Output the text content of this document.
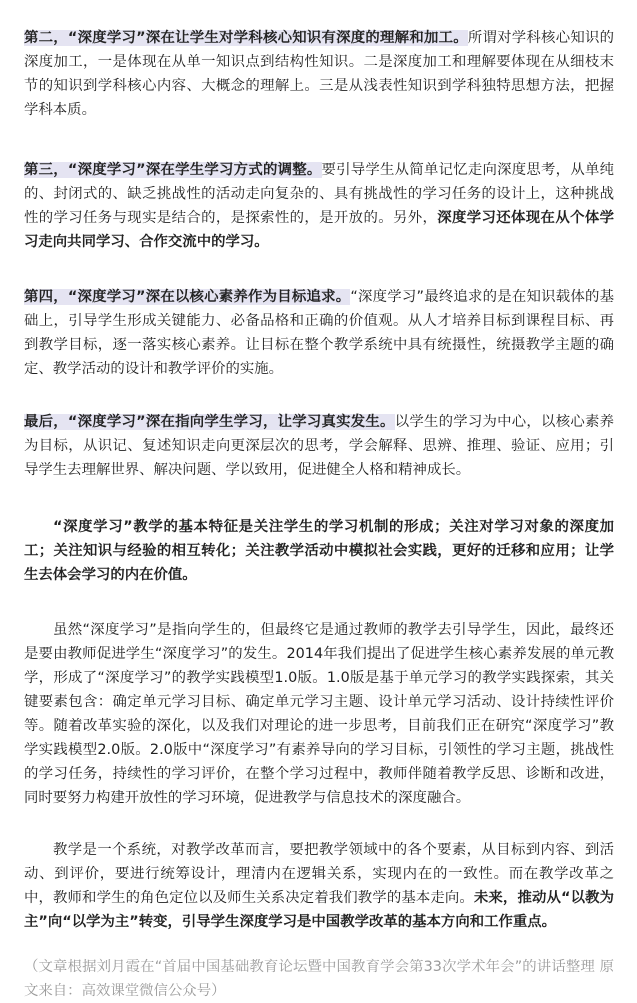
第二，“深度学习”深在让学生对学科核心知识有深度的理解和加工。所谓对学科核心知识的深度加工，一是体现在从单一知识点到结构性知识。二是深度加工和理解要体现在从细枝末节的知识到学科核心内容、大概念的理解上。三是从浅表性知识到学科独特思想方法，把握学科本质。

第三，“深度学习”深在学生学习方式的调整。要引导学生从简单记忆走向深度思考，从单纯的、封闭式的、缺乏挑战性的活动走向复杂的、具有挑战性的学习任务的设计上，这种挑战性的学习任务与现实是结合的，是探索性的，是开放的。另外，深度学习还体现在从个体学习走向共同学习、合作交流中的学习。

第四，“深度学习”深在以核心素养作为目标追求。“深度学习”最终追求的是在知识载体的基础上，引导学生形成关键能力、必备品格和正确的价值观。从人才培养目标到课程目标、再到教学目标，逐一落实核心素养。让目标在整个教学系统中具有统摄性，统摄教学主题的确定、教学活动的设计和教学评价的实施。

最后，“深度学习”深在指向学生学习，让学习真实发生。以学生的学习为中心，以核心素养为目标，从识记、复述知识走向更深层次的思考，学会解释、思辨、推理、验证、应用；引导学生去理解世界、解决问题、学以致用，促进健全人格和精神成长。

“深度学习”教学的基本特征是关注学生的学习机制的形成；关注对学习对象的深度加工；关注知识与经验的相互转化；关注教学活动中模拟社会实践，更好的迁移和应用；让学生去体会学习的内在价值。

虽然“深度学习”是指向学生的，但最终它是通过教师的教学去引导学生，因此，最终还是要由教师促进学生“深度学习”的发生。2014年我们提出了促进学生核心素养发展的单元教学，形成了“深度学习”的教学实践模型1.0版。1.0版是基于单元学习的教学实践探索，其关键要素包含：确定单元学习目标、确定单元学习主题、设计单元学习活动、设计持续性评价等。随着改革实验的深化，以及我们对理论的进一步思考，目前我们正在研究“深度学习”教学实践模型2.0版。2.0版中“深度学习”有素养导向的学习目标，引领性的学习主题，挑战性的学习任务，持续性的学习评价，在整个学习过程中，教师伴随着教学反思、诊断和改进，同时要努力构建开放性的学习环境，促进教学与信息技术的深度融合。

教学是一个系统，对教学改革而言，要把教学领域中的各个要素，从目标到内容、到活动、到评价，要进行统筹设计，理清内在逻辑关系，实现内在的一致性。而在教学改革之中，教师和学生的角色定位以及师生关系决定着我们教学的基本走向。未来，推动从“以教为主”向“以学为主”转变，引导学生深度学习是中国教学改革的基本方向和工作重点。

（文章根据刘月霞在“首届中国基础教育论坛暨中国教育学会第33次学术年会”的讲话整理 原文来自：高效课堂微信公众号）
